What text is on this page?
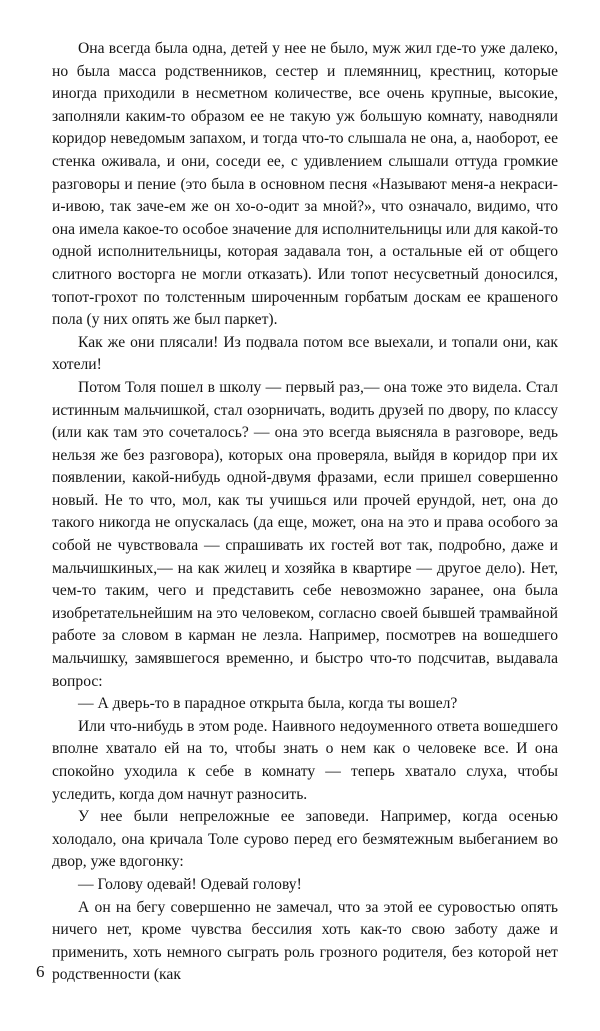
Она всегда была одна, детей у нее не было, муж жил где-то уже далеко, но была масса родственников, сестер и племянниц, крестниц, которые иногда приходили в несметном количестве, все очень крупные, высокие, заполняли каким-то образом ее не такую уж большую комнату, наводняли коридор неведомым запахом, и тогда что-то слышала не она, а, наоборот, ее стенка оживала, и они, соседи ее, с удивлением слышали оттуда громкие разговоры и пение (это была в основном песня «Называют меня-а некраси-и-ивою, так заче-ем же он хо-о-одит за мной?», что означало, видимо, что она имела какое-то особое значение для исполнительницы или для какой-то одной исполнительницы, которая задавала тон, а остальные ей от общего слитного восторга не могли отказать). Или топот несусветный доносился, топот-грохот по толстенным широченным горбатым доскам ее крашеного пола (у них опять же был паркет).

Как же они плясали! Из подвала потом все выехали, и топали они, как хотели!

Потом Толя пошел в школу — первый раз,— она тоже это видела. Стал истинным мальчишкой, стал озорничать, водить друзей по двору, по классу (или как там это сочеталось? — она это всегда выясняла в разговоре, ведь нельзя же без разговора), которых она проверяла, выйдя в коридор при их появлении, какой-нибудь одной-двумя фразами, если пришел совершенно новый. Не то что, мол, как ты учишься или прочей ерундой, нет, она до такого никогда не опускалась (да еще, может, она на это и права особого за собой не чувствовала — спрашивать их гостей вот так, подробно, даже и мальчишкиных,— на как жилец и хозяйка в квартире — другое дело). Нет, чем-то таким, чего и представить себе невозможно заранее, она была изобретательнейшим на это человеком, согласно своей бывшей трамвайной работе за словом в карман не лезла. Например, посмотрев на вошедшего мальчишку, замявшегося временно, и быстро что-то подсчитав, выдавала вопрос:

— А дверь-то в парадное открыта была, когда ты вошел?

Или что-нибудь в этом роде. Наивного недоуменного ответа вошедшего вполне хватало ей на то, чтобы знать о нем как о человеке все. И она спокойно уходила к себе в комнату — теперь хватало слуха, чтобы уследить, когда дом начнут разносить.

У нее были непреложные ее заповеди. Например, когда осенью холодало, она кричала Толе сурово перед его безмятежным выбеганием во двор, уже вдогонку:

— Голову одевай! Одевай голову!

А он на бегу совершенно не замечал, что за этой ее суровостью опять ничего нет, кроме чувства бессилия хоть как-то свою заботу даже и применить, хоть немного сыграть роль грозного родителя, без которой нет родственности (как

6
